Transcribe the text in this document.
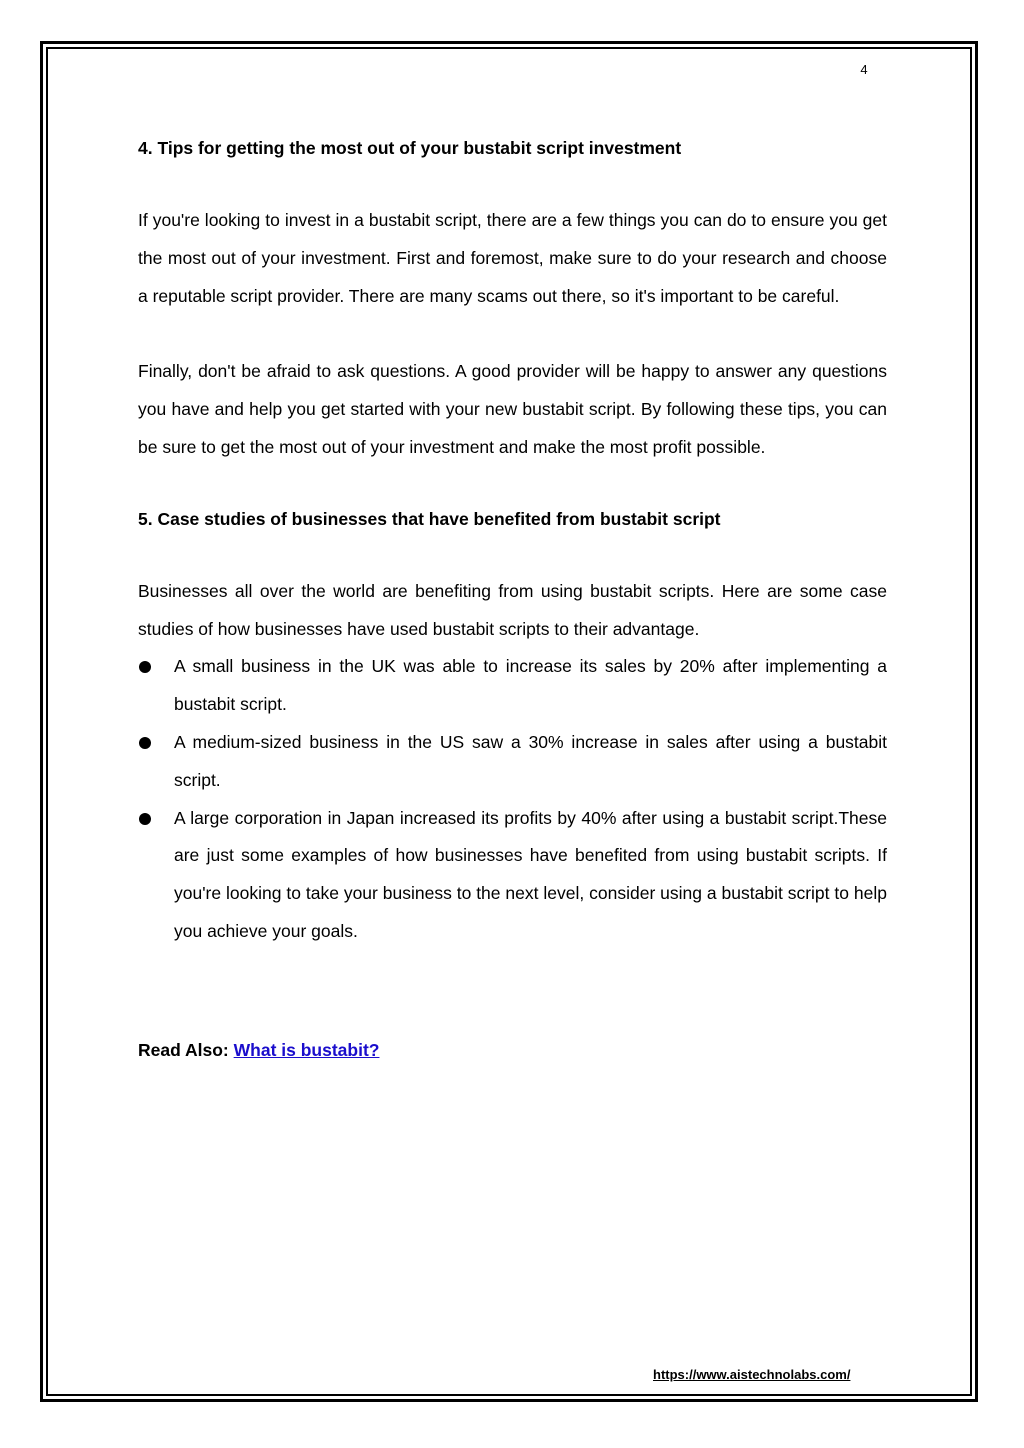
4
4. Tips for getting the most out of your bustabit script investment

If you're looking to invest in a bustabit script, there are a few things you can do to ensure you get the most out of your investment. First and foremost, make sure to do your research and choose a reputable script provider. There are many scams out there, so it's important to be careful.

Finally, don't be afraid to ask questions. A good provider will be happy to answer any questions you have and help you get started with your new bustabit script. By following these tips, you can be sure to get the most out of your investment and make the most profit possible.

5. Case studies of businesses that have benefited from bustabit script

Businesses all over the world are benefiting from using bustabit scripts. Here are some case studies of how businesses have used bustabit scripts to their advantage.

A small business in the UK was able to increase its sales by 20% after implementing a bustabit script.
A medium-sized business in the US saw a 30% increase in sales after using a bustabit script.
A large corporation in Japan increased its profits by 40% after using a bustabit script.These are just some examples of how businesses have benefited from using bustabit scripts. If you're looking to take your business to the next level, consider using a bustabit script to help you achieve your goals.
Read Also: What is bustabit?
https://www.aistechnolabs.com/
